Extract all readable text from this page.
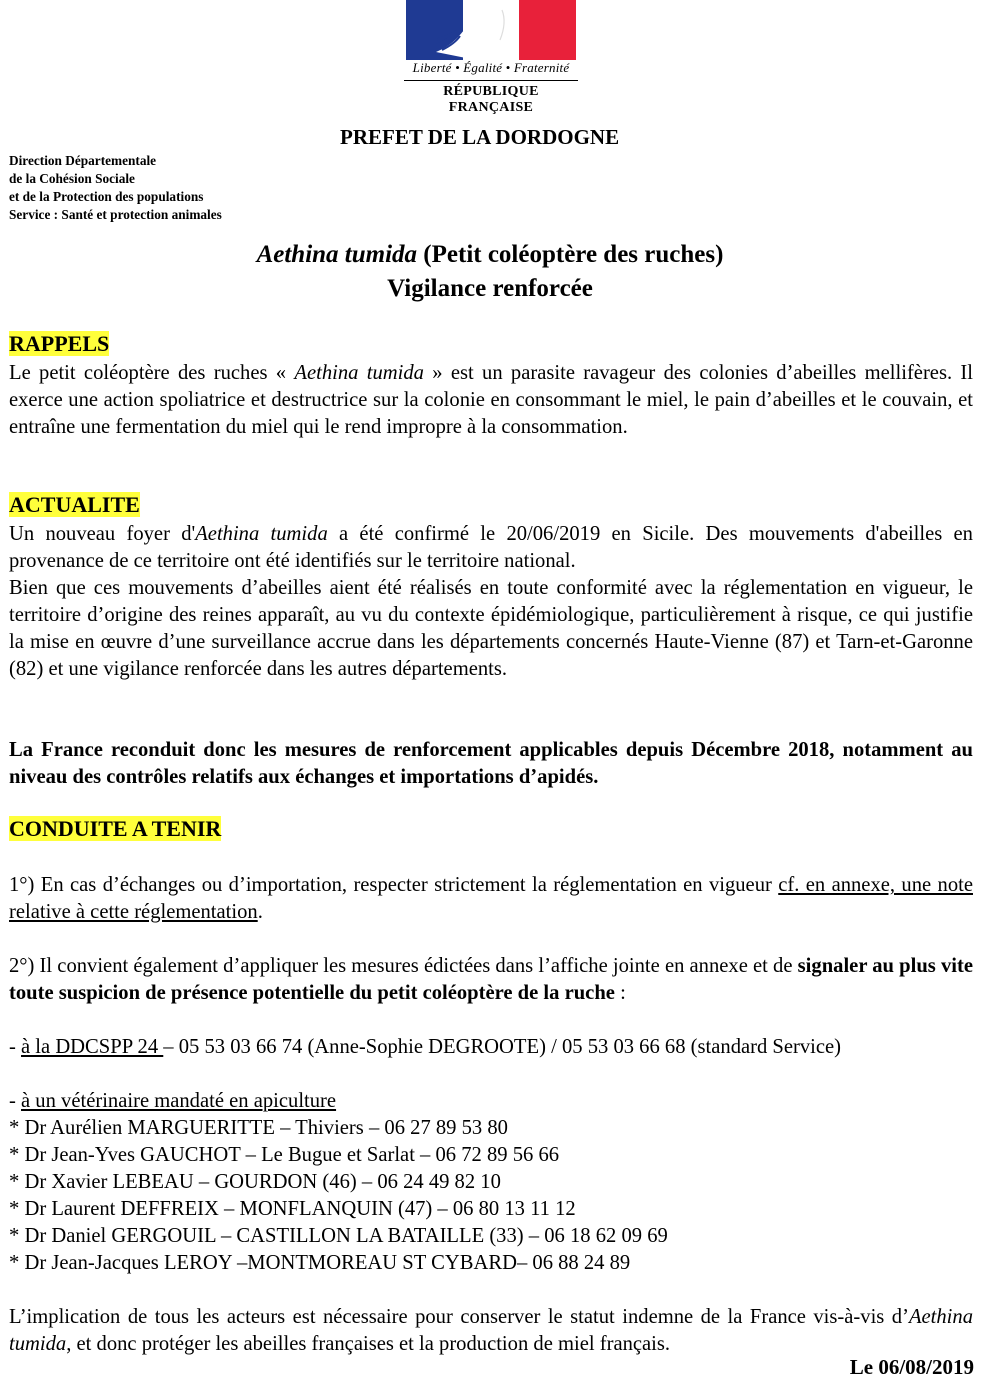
Liberté • Égalité • Fraternité
RÉPUBLIQUE FRANÇAISE
PREFET DE LA DORDOGNE
Direction Départementale
de la Cohésion Sociale
et de la Protection des populations
Service : Santé et protection animales
Aethina tumida (Petit coléoptère des ruches)
Vigilance renforcée
RAPPELS
Le petit coléoptère des ruches « Aethina tumida » est un parasite ravageur des colonies d’abeilles mellifères. Il exerce une action spoliatrice et destructrice sur la colonie en consommant le miel, le pain d’abeilles et le couvain, et entraîne une fermentation du miel qui le rend impropre à la consommation.
ACTUALITE
Un nouveau foyer d'Aethina tumida a été confirmé le 20/06/2019 en Sicile. Des mouvements d'abeilles en provenance de ce territoire ont été identifiés sur le territoire national.
Bien que ces mouvements d’abeilles aient été réalisés en toute conformité avec la réglementation en vigueur, le territoire d’origine des reines apparaît, au vu du contexte épidémiologique, particulièrement à risque, ce qui justifie la mise en œuvre d’une surveillance accrue dans les départements concernés Haute-Vienne (87) et Tarn-et-Garonne (82) et une vigilance renforcée dans les autres départements.
La France reconduit donc les mesures de renforcement applicables depuis Décembre 2018, notamment au niveau des contrôles relatifs aux échanges et importations d’apidés.
CONDUITE A TENIR
1°) En cas d’échanges ou d’importation, respecter strictement la réglementation en vigueur cf. en annexe, une note relative à cette réglementation.
2°) Il convient également d’appliquer les mesures édictées dans l’affiche jointe en annexe et de signaler au plus vite toute suspicion de présence potentielle du petit coléoptère de la ruche :
- à la DDCSPP 24 – 05 53 03 66 74 (Anne-Sophie DEGROOTE) / 05 53 03 66 68 (standard Service)
- à un vétérinaire mandaté en apiculture
* Dr Aurélien MARGUERITTE – Thiviers – 06 27 89 53 80
* Dr Jean-Yves GAUCHOT – Le Bugue et Sarlat – 06 72 89 56 66
* Dr Xavier LEBEAU – GOURDON (46) – 06 24 49 82 10
* Dr Laurent DEFFREIX – MONFLANQUIN (47) – 06 80 13 11 12
* Dr Daniel GERGOUIL – CASTILLON LA BATAILLE (33) – 06 18 62 09 69
* Dr Jean-Jacques LEROY –MONTMOREAU ST CYBARD– 06 88 24 89
L’implication de tous les acteurs est nécessaire pour conserver le statut indemne de la France vis-à-vis d’Aethina tumida, et donc protéger les abeilles françaises et la production de miel français.
Le 06/08/2019
